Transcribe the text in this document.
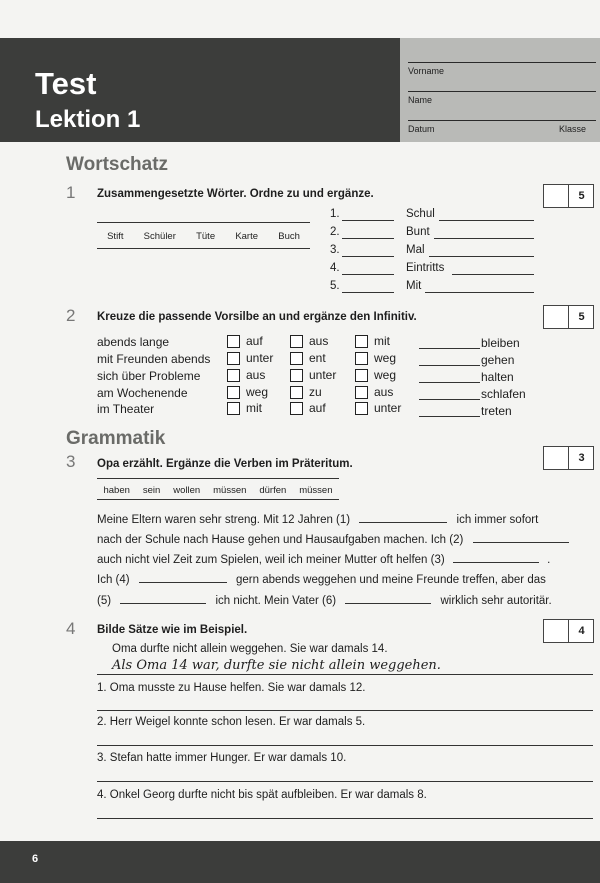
Test
Lektion 1
Vorname
Name
Datum	Klasse
Wortschatz
1 Zusammengesetzte Wörter. Ordne zu und ergänze.	5
Stift Schüler Tüte Karte Buch
1.	Schul
2.	Bunt
3.	Mal
4.	Eintritts
5.	Mit
2 Kreuze die passende Vorsilbe an und ergänze den Infinitiv.	5
abends lange	auf	aus	mit	bleiben
mit Freunden abends	unter	ent	weg	gehen
sich über Probleme	aus	unter	weg	halten
am Wochenende	weg	zu	aus	schlafen
im Theater	mit	auf	unter	treten
Grammatik
3 Opa erzählt. Ergänze die Verben im Präteritum.	3
haben sein wollen müssen dürfen müssen
Meine Eltern waren sehr streng. Mit 12 Jahren (1)	ich immer sofort
nach der Schule nach Hause gehen und Hausaufgaben machen. Ich (2)
auch nicht viel Zeit zum Spielen, weil ich meiner Mutter oft helfen (3)	.
Ich (4)	gern abends weggehen und meine Freunde treffen, aber das
(5)	ich nicht. Mein Vater (6)	wirklich sehr autoritär.
4 Bilde Sätze wie im Beispiel.	4
Oma durfte nicht allein weggehen. Sie war damals 14.
Als Oma 14 war, durfte sie nicht allein weggehen.
1. Oma musste zu Hause helfen. Sie war damals 12.
2. Herr Weigel konnte schon lesen. Er war damals 5.
3. Stefan hatte immer Hunger. Er war damals 10.
4. Onkel Georg durfte nicht bis spät aufbleiben. Er war damals 8.
6
